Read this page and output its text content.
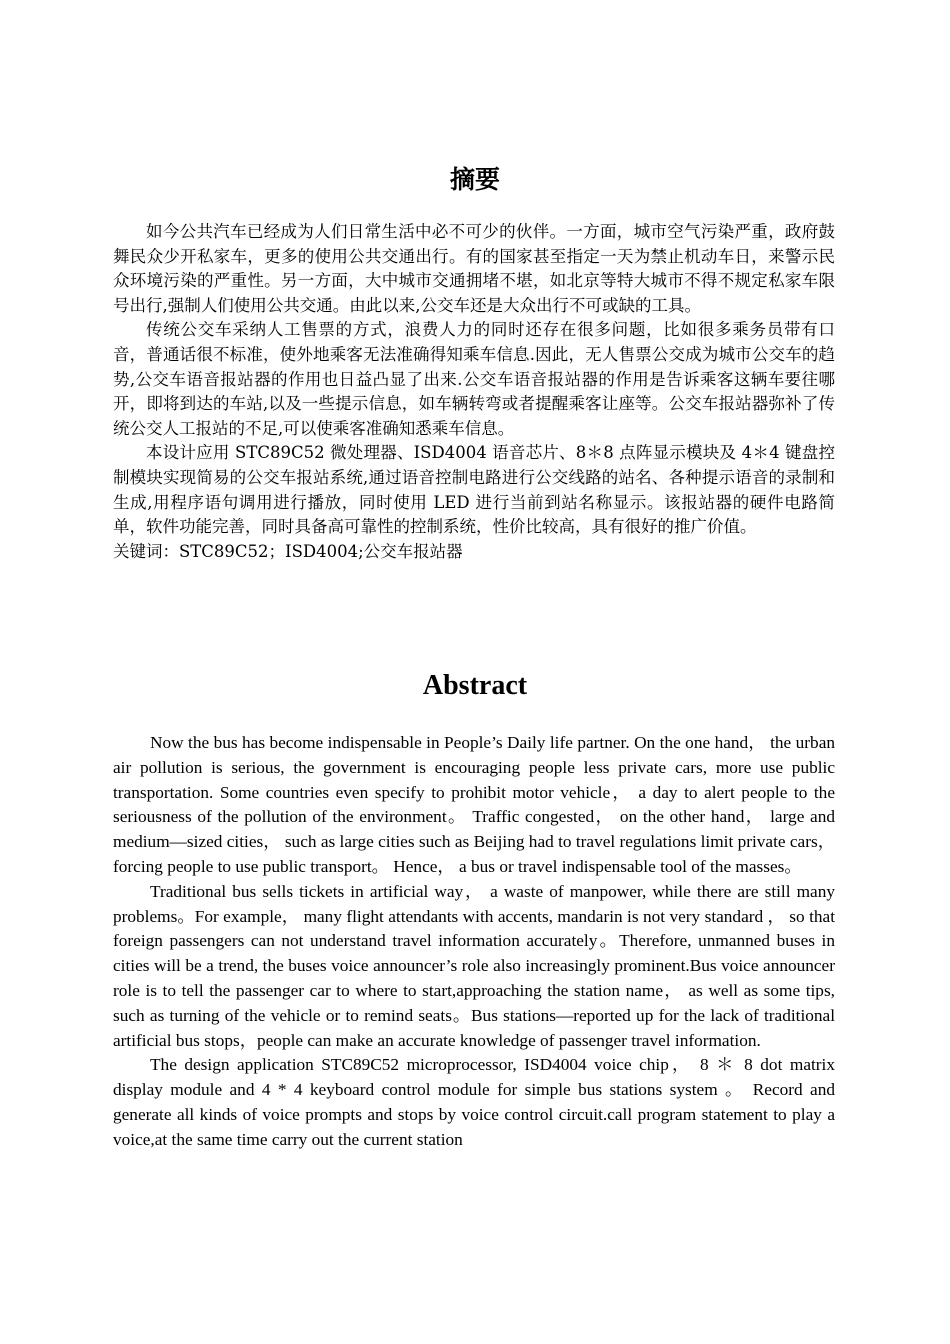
摘要

如今公共汽车已经成为人们日常生活中必不可少的伙伴。一方面，城市空气污染严重，政府鼓舞民众少开私家车，更多的使用公共交通出行。有的国家甚至指定一天为禁止机动车日，来警示民众环境污染的严重性。另一方面，大中城市交通拥堵不堪，如北京等特大城市不得不规定私家车限号出行,强制人们使用公共交通。由此以来,公交车还是大众出行不可或缺的工具。

传统公交车采纳人工售票的方式，浪费人力的同时还存在很多问题，比如很多乘务员带有口音，普通话很不标准，使外地乘客无法准确得知乘车信息.因此，无人售票公交成为城市公交车的趋势,公交车语音报站器的作用也日益凸显了出来.公交车语音报站器的作用是告诉乘客这辆车要往哪开，即将到达的车站,以及一些提示信息，如车辆转弯或者提醒乘客让座等。公交车报站器弥补了传统公交人工报站的不足,可以使乘客准确知悉乘车信息。

本设计应用 STC89C52 微处理器、ISD4004 语音芯片、8＊8 点阵显示模块及 4＊4 键盘控制模块实现简易的公交车报站系统,通过语音控制电路进行公交线路的站名、各种提示语音的录制和生成,用程序语句调用进行播放，同时使用 LED 进行当前到站名称显示。该报站器的硬件电路简单，软件功能完善，同时具备高可靠性的控制系统，性价比较高，具有很好的推广价值。

关键词：STC89C52；ISD4004;公交车报站器

Abstract

Now the bus has become indispensable in People’s Daily life partner. On the one hand， the urban air pollution is serious, the government is encouraging people less private cars, more use public transportation. Some countries even specify to prohibit motor vehicle， a day to alert people to the seriousness of the pollution of the environment。 Traffic congested， on the other hand， large and medium—sized cities， such as large cities such as Beijing had to travel regulations limit private cars， forcing people to use public transport。 Hence， a bus or travel indispensable tool of the masses。

Traditional bus sells tickets in artificial way， a waste of manpower, while there are still many problems。For example， many flight attendants with accents, mandarin is not very standard ， so that foreign passengers can not understand travel information accurately。Therefore, unmanned buses in cities will be a trend, the buses voice announcer’s role also increasingly prominent.Bus voice announcer role is to tell the passenger car to where to start,approaching the station name， as well as some tips, such as turning of the vehicle or to remind seats。Bus stations—reported up for the lack of traditional artificial bus stops，people can make an accurate knowledge of passenger travel information.

The design application STC89C52 microprocessor, ISD4004 voice chip， 8 ＊ 8 dot matrix display module and 4 * 4 keyboard control module for simple bus stations system 。 Record and generate all kinds of voice prompts and stops by voice control circuit.call program statement to play a voice,at the same time carry out the current station
